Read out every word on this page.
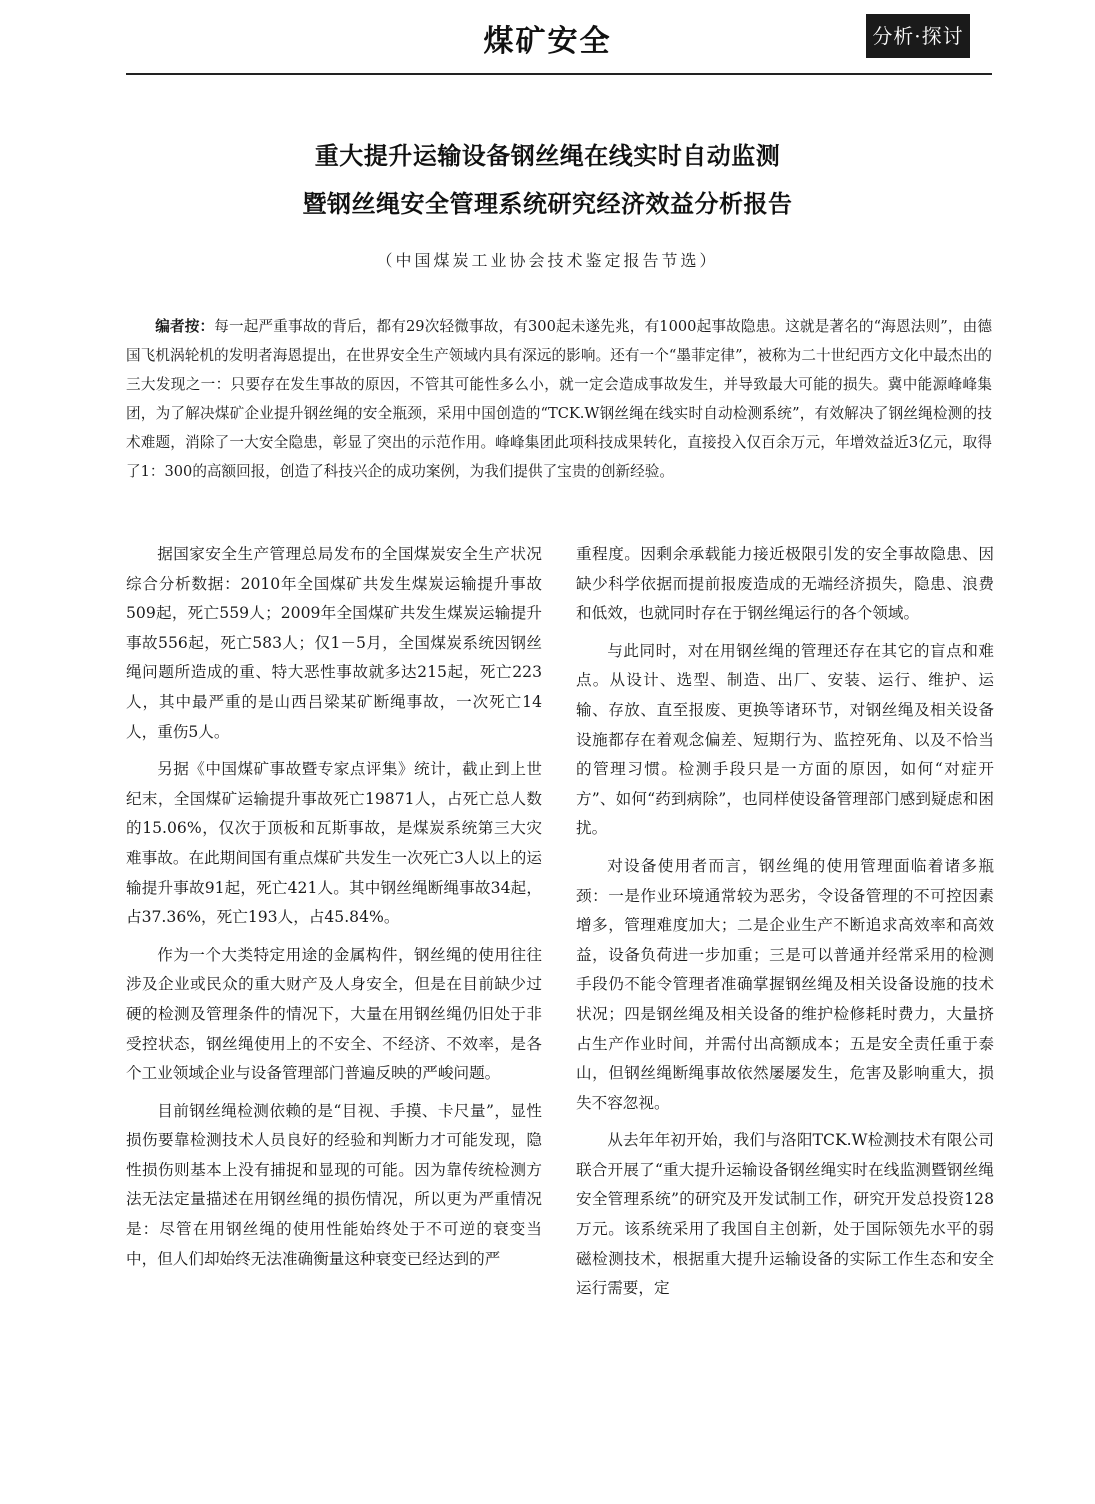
煤矿安全	分析·探讨
重大提升运输设备钢丝绳在线实时自动监测
暨钢丝绳安全管理系统研究经济效益分析报告

（中国煤炭工业协会技术鉴定报告节选）

编者按：每一起严重事故的背后，都有29次轻微事故，有300起未遂先兆，有1000起事故隐患。这就是著名的“海恩法则”，由德国飞机涡轮机的发明者海恩提出，在世界安全生产领域内具有深远的影响。还有一个“墨菲定律”，被称为二十世纪西方文化中最杰出的三大发现之一：只要存在发生事故的原因，不管其可能性多么小，就一定会造成事故发生，并导致最大可能的损失。冀中能源峰峰集团，为了解决煤矿企业提升钢丝绳的安全瓶颈，采用中国创造的“TCK.W钢丝绳在线实时自动检测系统”，有效解决了钢丝绳检测的技术难题，消除了一大安全隐患，彰显了突出的示范作用。峰峰集团此项科技成果转化，直接投入仅百余万元，年增效益近3亿元，取得了1：300的高额回报，创造了科技兴企的成功案例，为我们提供了宝贵的创新经验。

据国家安全生产管理总局发布的全国煤炭安全生产状况综合分析数据：2010年全国煤矿共发生煤炭运输提升事故509起，死亡559人；2009年全国煤矿共发生煤炭运输提升事故556起，死亡583人；仅1－5月，全国煤炭系统因钢丝绳问题所造成的重、特大恶性事故就多达215起，死亡223人，其中最严重的是山西吕梁某矿断绳事故，一次死亡14人，重伤5人。

另据《中国煤矿事故暨专家点评集》统计，截止到上世纪末，全国煤矿运输提升事故死亡19871人，占死亡总人数的15.06%，仅次于顶板和瓦斯事故，是煤炭系统第三大灾难事故。在此期间国有重点煤矿共发生一次死亡3人以上的运输提升事故91起，死亡421人。其中钢丝绳断绳事故34起，占37.36%，死亡193人，占45.84%。

作为一个大类特定用途的金属构件，钢丝绳的使用往往涉及企业或民众的重大财产及人身安全，但是在目前缺少过硬的检测及管理条件的情况下，大量在用钢丝绳仍旧处于非受控状态，钢丝绳使用上的不安全、不经济、不效率，是各个工业领域企业与设备管理部门普遍反映的严峻问题。

目前钢丝绳检测依赖的是“目视、手摸、卡尺量”，显性损伤要靠检测技术人员良好的经验和判断力才可能发现，隐性损伤则基本上没有捕捉和显现的可能。因为靠传统检测方法无法定量描述在用钢丝绳的损伤情况，所以更为严重情况是：尽管在用钢丝绳的使用性能始终处于不可逆的衰变当中，但人们却始终无法准确衡量这种衰变已经达到的严

重程度。因剩余承载能力接近极限引发的安全事故隐患、因缺少科学依据而提前报废造成的无端经济损失，隐患、浪费和低效，也就同时存在于钢丝绳运行的各个领域。

与此同时，对在用钢丝绳的管理还存在其它的盲点和难点。从设计、选型、制造、出厂、安装、运行、维护、运输、存放、直至报废、更换等诸环节，对钢丝绳及相关设备设施都存在着观念偏差、短期行为、监控死角、以及不恰当的管理习惯。检测手段只是一方面的原因，如何“对症开方”、如何“药到病除”，也同样使设备管理部门感到疑虑和困扰。

对设备使用者而言，钢丝绳的使用管理面临着诸多瓶颈：一是作业环境通常较为恶劣，令设备管理的不可控因素增多，管理难度加大；二是企业生产不断追求高效率和高效益，设备负荷进一步加重；三是可以普通并经常采用的检测手段仍不能令管理者准确掌握钢丝绳及相关设备设施的技术状况；四是钢丝绳及相关设备的维护检修耗时费力，大量挤占生产作业时间，并需付出高额成本；五是安全责任重于泰山，但钢丝绳断绳事故依然屡屡发生，危害及影响重大，损失不容忽视。

从去年年初开始，我们与洛阳TCK.W检测技术有限公司联合开展了“重大提升运输设备钢丝绳实时在线监测暨钢丝绳安全管理系统”的研究及开发试制工作，研究开发总投资128万元。该系统采用了我国自主创新，处于国际领先水平的弱磁检测技术，根据重大提升运输设备的实际工作生态和安全运行需要，定
